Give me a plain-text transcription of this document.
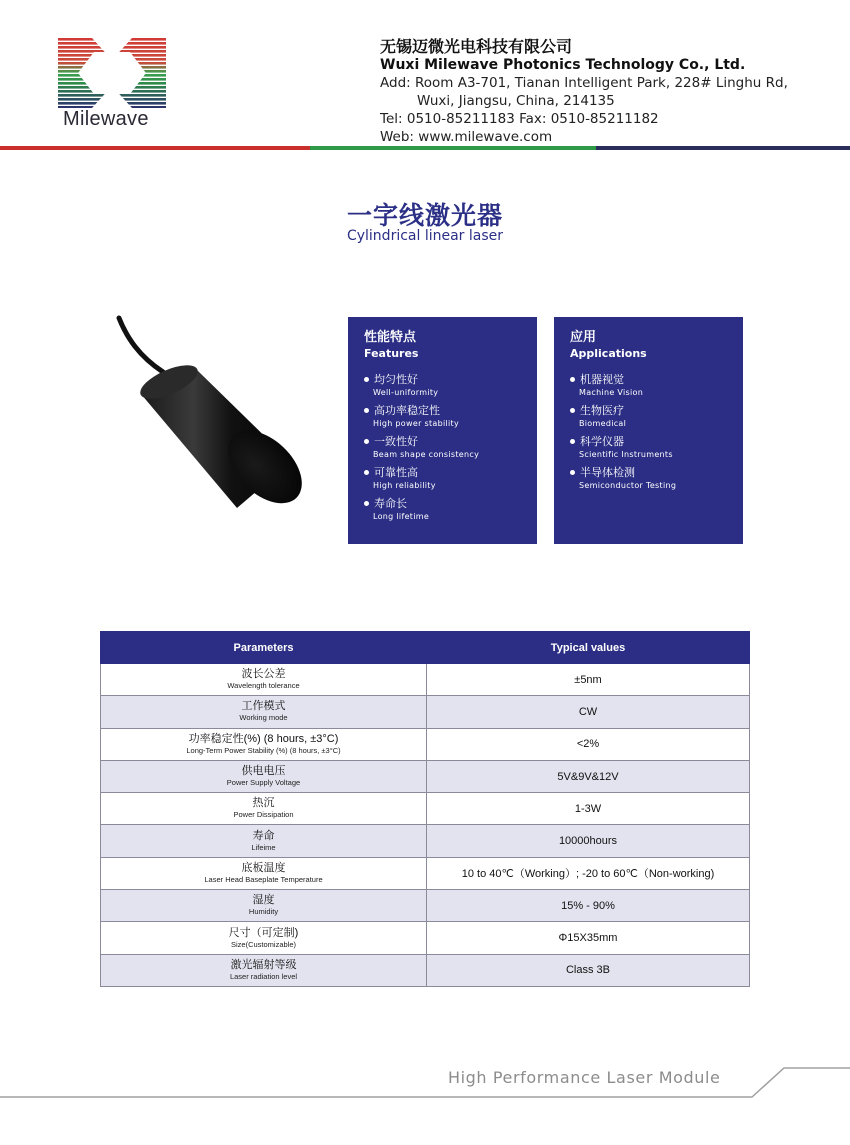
Milewave
无锡迈微光电科技有限公司
Wuxi Milewave Photonics Technology Co., Ltd.
Add: Room A3-701, Tianan Intelligent Park, 228# Linghu Rd,
Wuxi, Jiangsu, China, 214135
Tel: 0510-85211183 Fax: 0510-85211182
Web: www.milewave.com
一字线激光器
Cylindrical linear laser
性能特点
Features
均匀性好
Well-uniformity
高功率稳定性
High power stability
一致性好
Beam shape consistency
可靠性高
High reliability
寿命长
Long lifetime
应用
Applications
机器视觉
Machine Vision
生物医疗
Biomedical
科学仪器
Scientific Instruments
半导体检测
Semiconductor Testing
Parameters	Typical values

波长公差
Wavelength tolerance	±5nm

工作模式
Working mode	CW

功率稳定性(%) (8 hours, ±3°C)
Long-Term Power Stability (%) (8 hours, ±3°C)	<2%

供电电压
Power Supply Voltage	5V&9V&12V

热沉
Power Dissipation	1-3W

寿命
Lifeime	10000hours

底板温度
Laser Head Baseplate Temperature	10 to 40℃（Working）; -20 to 60℃（Non-working)

湿度
Humidity	15% - 90%

尺寸（可定制)
Size(Customizable)	Φ15X35mm

激光辐射等级
Laser radiation level	Class 3B
High Performance Laser Module
